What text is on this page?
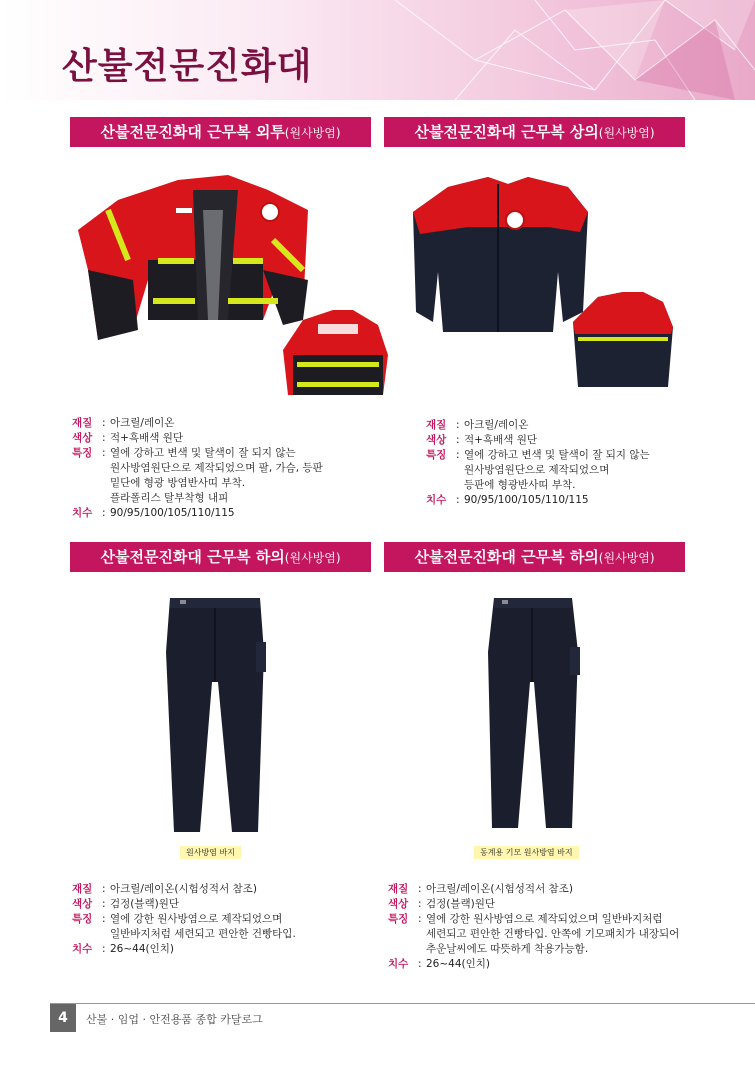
산불전문진화대
산불전문진화대 근무복 외투(원사방염)	산불전문진화대 근무복 상의(원사방염)
재질 : 아크릴/레이온
색상 : 적+흑배색 원단
특징 : 열에 강하고 변색 및 탈색이 잘 되지 않는
원사방염원단으로 제작되었으며 팔, 가슴, 등판
밑단에 형광 방염반사띠 부착.
플라폴리스 탈부착형 내피
치수 : 90/95/100/105/110/115
재질 : 아크릴/레이온
색상 : 적+흑배색 원단
특징 : 열에 강하고 변색 및 탈색이 잘 되지 않는
원사방염원단으로 제작되었으며
등판에 형광반사띠 부착.
치수 : 90/95/100/105/110/115
산불전문진화대 근무복 하의(원사방염)	산불전문진화대 근무복 하의(원사방염)
원사방염 바지	동계용 기모 원사방염 바지
재질 : 아크릴/레이온(시험성적서 참조)
색상 : 검정(블랙)원단
특징 : 열에 강한 원사방염으로 제작되었으며
일반바지처럼 세련되고 편안한 건빵타입.
치수 : 26~44(인치)
재질 : 아크릴/레이온(시험성적서 참조)
색상 : 검정(블랙)원단
특징 : 열에 강한 원사방염으로 제작되었으며 일반바지처럼
세련되고 편안한 건빵타입. 안쪽에 기모패치가 내장되어
추운날씨에도 따뜻하게 착용가능함.
치수 : 26~44(인치)
4	산불 · 임업 · 안전용품 종합 카달로그
